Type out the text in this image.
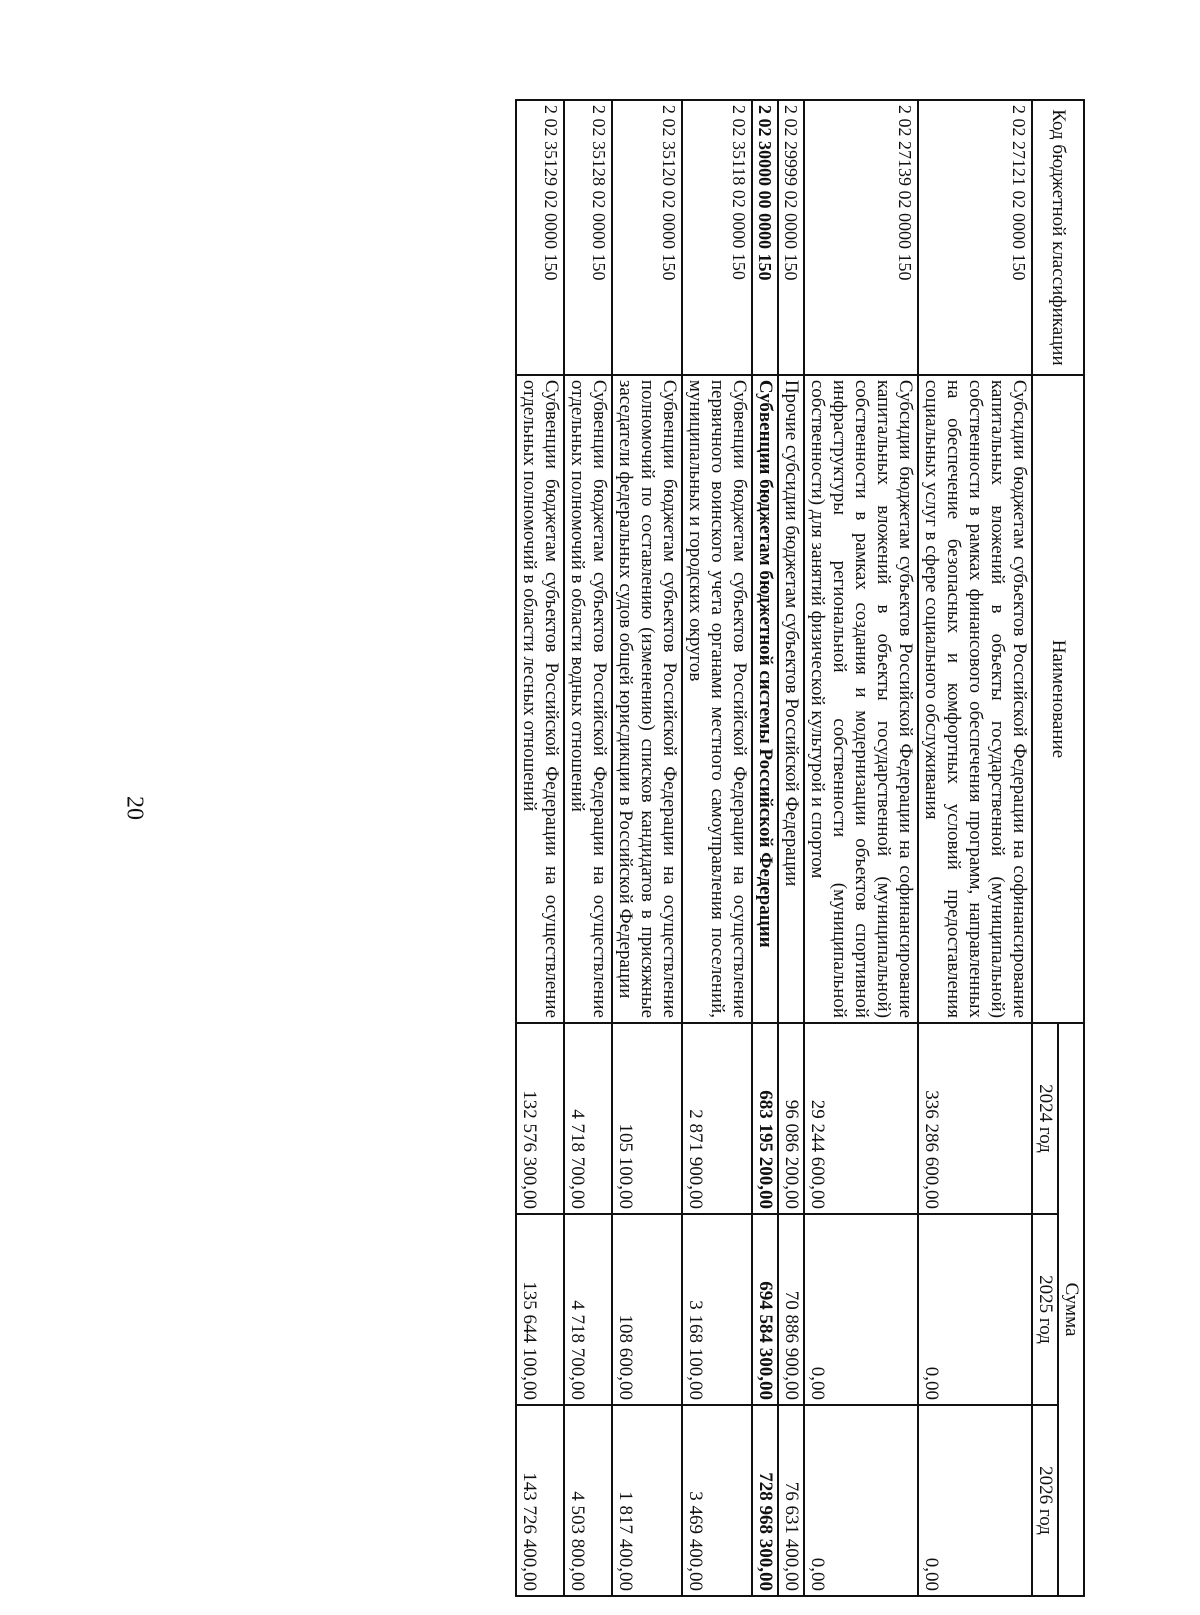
20
Код бюджетной классификации	Наименование	Сумма		
		2024 год	2025 год	2026 год
2 02 27121 02 0000 150	Субсидии бюджетам субъектов Российской Федерации на софинансирование капитальных вложений в объекты государственной (муниципальной) собственности в рамках финансового обеспечения программ, направленных на обеспечение безопасных и комфортных условий предоставления социальных услуг в сфере социального обслуживания	336 286 600,00	0,00	0,00
2 02 27139 02 0000 150	Субсидии бюджетам субъектов Российской Федерации на софинансирование капитальных вложений в объекты государственной (муниципальной) собственности в рамках создания и модернизации объектов спортивной инфраструктуры региональной собственности (муниципальной собственности) для занятий физической культурой и спортом	29 244 600,00	0,00	0,00
2 02 29999 02 0000 150	Прочие субсидии бюджетам субъектов Российской Федерации	96 086 200,00	70 886 900,00	76 631 400,00
2 02 30000 00 0000 150	Субвенции бюджетам бюджетной системы Российской Федерации	683 195 200,00	694 584 300,00	728 968 300,00
2 02 35118 02 0000 150	Субвенции бюджетам субъектов Российской Федерации на осуществление первичного воинского учета органами местного самоуправления поселений, муниципальных и городских округов	2 871 900,00	3 168 100,00	3 469 400,00
2 02 35120 02 0000 150	Субвенции бюджетам субъектов Российской Федерации на осуществление полномочий по составлению (изменению) списков кандидатов в присяжные заседатели федеральных судов общей юрисдикции в Российской Федерации	105 100,00	108 600,00	1 817 400,00
2 02 35128 02 0000 150	Субвенции бюджетам субъектов Российской Федерации на осуществление отдельных полномочий в области водных отношений	4 718 700,00	4 718 700,00	4 503 800,00
2 02 35129 02 0000 150	Субвенции бюджетам субъектов Российской Федерации на осуществление отдельных полномочий в области лесных отношений	132 576 300,00	135 644 100,00	143 726 400,00
